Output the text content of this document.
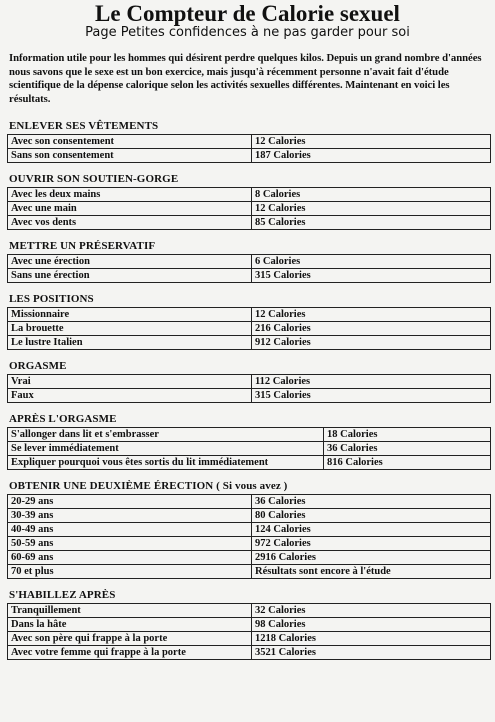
Le Compteur de Calorie sexuel
Page Petites confidences à ne pas garder pour soi
Information utile pour les hommes qui désirent perdre quelques kilos. Depuis un grand nombre d'années nous savons que le sexe est un bon exercice, mais jusqu'à récemment personne n'avait fait d'étude scientifique de la dépense calorique selon les activités sexuelles différentes. Maintenant en voici les résultats.
ENLEVER SES VÊTEMENTS
Avec son consentement	12 Calories
Sans son consentement	187 Calories
OUVRIR SON SOUTIEN-GORGE
Avec les deux mains	8 Calories
Avec une main	12 Calories
Avec vos dents	85 Calories
METTRE UN PRÉSERVATIF
Avec une érection	6 Calories
Sans une érection	315 Calories
LES POSITIONS
Missionnaire	12 Calories
La brouette	216 Calories
Le lustre Italien	912 Calories
ORGASME
Vrai	112 Calories
Faux	315 Calories
APRÈS L'ORGASME
S'allonger dans lit et s'embrasser	18 Calories
Se lever immédiatement	36 Calories
Expliquer pourquoi vous êtes sortis du lit immédiatement	816 Calories
OBTENIR UNE DEUXIÈME ÉRECTION ( Si vous avez )
20-29 ans	36 Calories
30-39 ans	80 Calories
40-49 ans	124 Calories
50-59 ans	972 Calories
60-69 ans	2916 Calories
70 et plus	Résultats sont encore à l'étude
S'HABILLEZ APRÈS
Tranquillement	32 Calories
Dans la hâte	98 Calories
Avec son père qui frappe à la porte	1218 Calories
Avec votre femme qui frappe à la porte	3521 Calories
